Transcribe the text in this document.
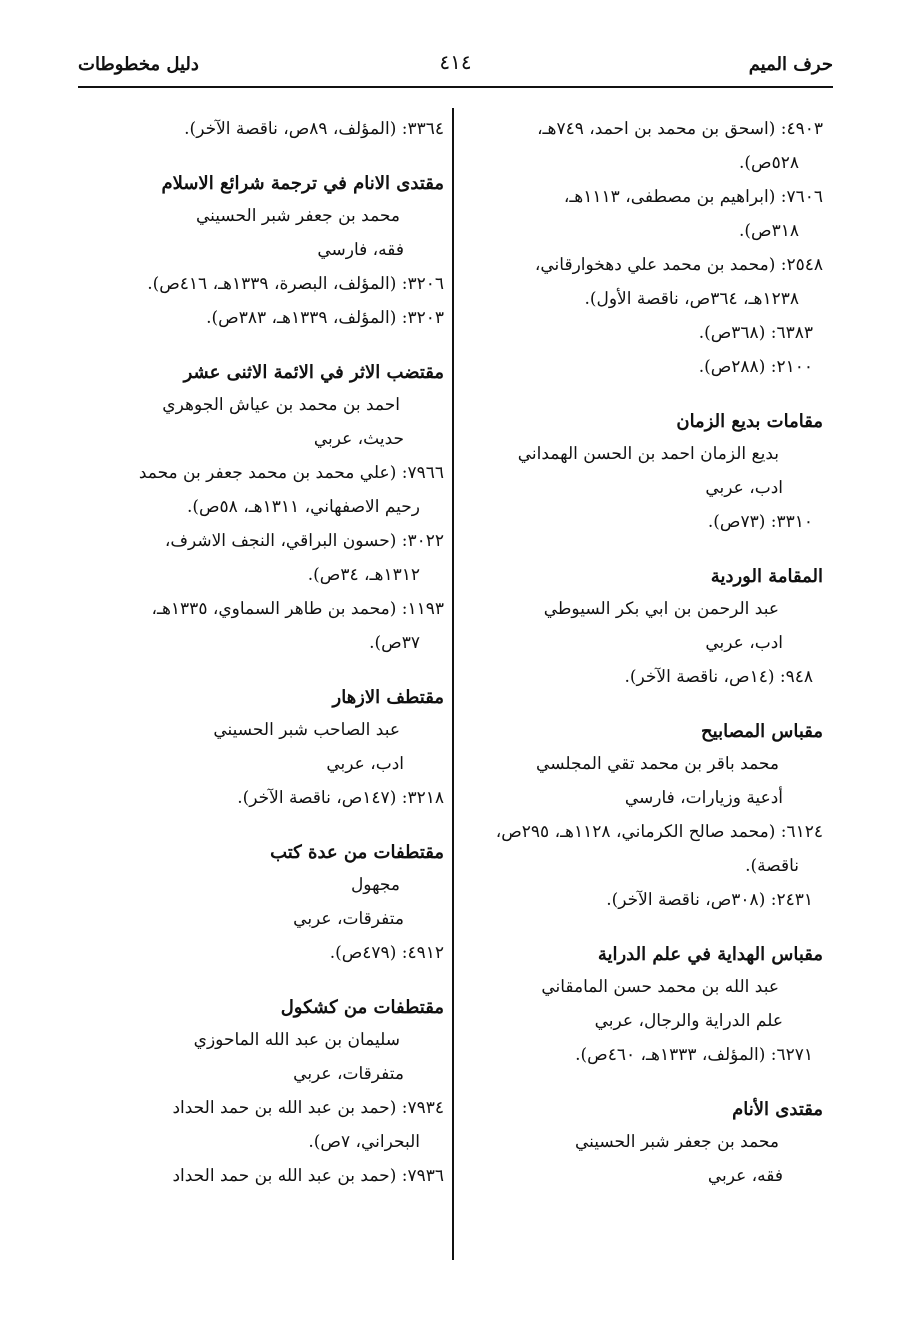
حرف الميم
٤١٤
دليل مخطوطات
٤٩٠٣: (اسحق بن محمد بن احمد، ٧٤٩هـ،
٥٢٨ص).
٧٦٠٦: (ابراهيم بن مصطفى، ١١١٣هـ،
٣١٨ص).
٢٥٤٨: (محمد بن محمد علي دهخوارقاني،
١٢٣٨هـ، ٣٦٤ص، ناقصة الأول).
٦٣٨٣: (٣٦٨ص).
٢١٠٠: (٢٨٨ص).
مقامات بديع الزمان
بديع الزمان احمد بن الحسن الهمداني
ادب، عربي
٣٣١٠: (٧٣ص).
المقامة الوردية
عبد الرحمن بن ابي بكر السيوطي
ادب، عربي
٩٤٨: (١٤ص، ناقصة الآخر).
مقباس المصابيح
محمد باقر بن محمد تقي المجلسي
أدعية وزيارات، فارسي
٦١٢٤: (محمد صالح الكرماني، ١١٢٨هـ، ٢٩٥ص،
ناقصة).
٢٤٣١: (٣٠٨ص، ناقصة الآخر).
مقباس الهداية في علم الدراية
عبد الله بن محمد حسن المامقاني
علم الدراية والرجال، عربي
٦٢٧١: (المؤلف، ١٣٣٣هـ، ٤٦٠ص).
مقتدى الأنام
محمد بن جعفر شبر الحسيني
فقه، عربي
٣٣٦٤: (المؤلف، ٨٩ص، ناقصة الآخر).
مقتدى الانام في ترجمة شرائع الاسلام
محمد بن جعفر شبر الحسيني
فقه، فارسي
٣٢٠٦: (المؤلف، البصرة، ١٣٣٩هـ، ٤١٦ص).
٣٢٠٣: (المؤلف، ١٣٣٩هـ، ٣٨٣ص).
مقتضب الاثر في الائمة الاثنى عشر
احمد بن محمد بن عياش الجوهري
حديث، عربي
٧٩٦٦: (علي محمد بن محمد جعفر بن محمد
رحيم الاصفهاني، ١٣١١هـ، ٥٨ص).
٣٠٢٢: (حسون البراقي، النجف الاشرف،
١٣١٢هـ، ٣٤ص).
١١٩٣: (محمد بن طاهر السماوي، ١٣٣٥هـ،
٣٧ص).
مقتطف الازهار
عبد الصاحب شبر الحسيني
ادب، عربي
٣٢١٨: (١٤٧ص، ناقصة الآخر).
مقتطفات من عدة كتب
مجهول
متفرقات، عربي
٤٩١٢: (٤٧٩ص).
مقتطفات من كشكول
سليمان بن عبد الله الماحوزي
متفرقات، عربي
٧٩٣٤: (حمد بن عبد الله بن حمد الحداد
البحراني، ٧ص).
٧٩٣٦: (حمد بن عبد الله بن حمد الحداد
